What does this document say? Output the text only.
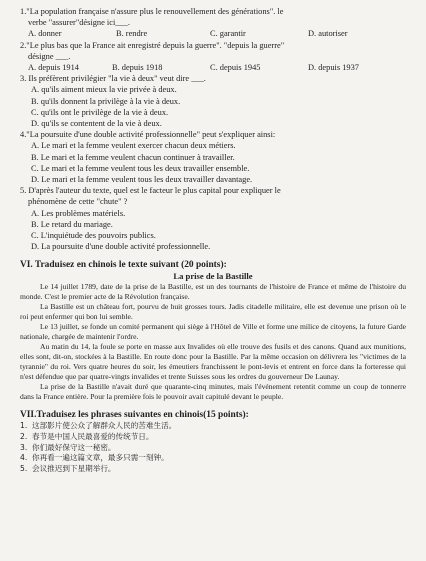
1."La population française n'assure plus le renouvellement des générations". le
verbe "assurer"désigne ici___.
A. donner	B. rendre	C. garantir	D. autoriser
2."Le plus bas que la France ait enregistré depuis la guerre". "depuis la guerre"
désigne ___.
A. depuis 1914	B. depuis 1918	C. depuis 1945	D. depuis 1937
3. Ils préfèrent privilégier "la vie à deux" veut dire ___.
A. qu'ils aiment mieux la vie privée à deux.
B. qu'ils donnent la privilège à la vie à deux.
C. qu'ils ont le privilège de la vie à deux.
D. qu'ils se contentent de la vie à deux.
4."La poursuite d'une double activité professionnelle" peut s'expliquer ainsi:
A. Le mari et la femme veulent exercer chacun deux métiers.
B. Le mari et la femme veulent chacun continuer à travailler.
C. Le mari et la femme veulent tous les deux travailler ensemble.
D. Le mari et la femme veulent tous les deux travailler davantage.
5. D'après l'auteur du texte, quel est le facteur le plus capital pour expliquer le
phénomène de cette "chute" ?
A. Les problèmes matériels.
B. Le retard du mariage.
C. L'inquiétude des pouvoirs publics.
D. La poursuite d'une double activité professionnelle.
VI. Traduisez en chinois le texte suivant (20 points):
La prise de la Bastille
Le 14 juillet 1789, date de la prise de la Bastille, est un des tournants de l'histoire de France et même de l'histoire du monde. C'est le premier acte de la Révolution française.
La Bastille est un château fort, pourvu de huit grosses tours. Jadis citadelle militaire, elle est devenue une prison où le roi peut enfermer qui bon lui semble.
Le 13 juillet, se fonde un comité permanent qui siège à l'Hôtel de Ville et forme une milice de citoyens, la future Garde nationale, chargée de maintenir l'ordre.
Au matin du 14, la foule se porte en masse aux Invalides où elle trouve des fusils et des canons. Quand aux munitions, elles sont, dit-on, stockées à la Bastille. En route donc pour la Bastille. Par la même occasion on délivrera les "victimes de la tyrannie" du roi. Vers quatre heures du soir, les émeutiers franchissent le pont-levis et entrent en force dans la forteresse qui n'est défendue que par quatre-vingts invalides et trente Suisses sous les ordres du gouverneur De Launay.
La prise de la Bastille n'avait duré que quarante-cinq minutes, mais l'événement retentit comme un coup de tonnerre dans la France entière. Pour la première fois le pouvoir avait capitulé devant le peuple.
VII.Traduisez les phrases suivantes en chinois(15 points):
1. 这部影片使公众了解群众人民的苦难生活。
2. 春节是中国人民最喜爱的传统节日。
3. 你们最好保守这一秘密。
4. 你再看一遍这篇文章，最多只需一刻钟。
5. 会议推迟到下星期举行。
